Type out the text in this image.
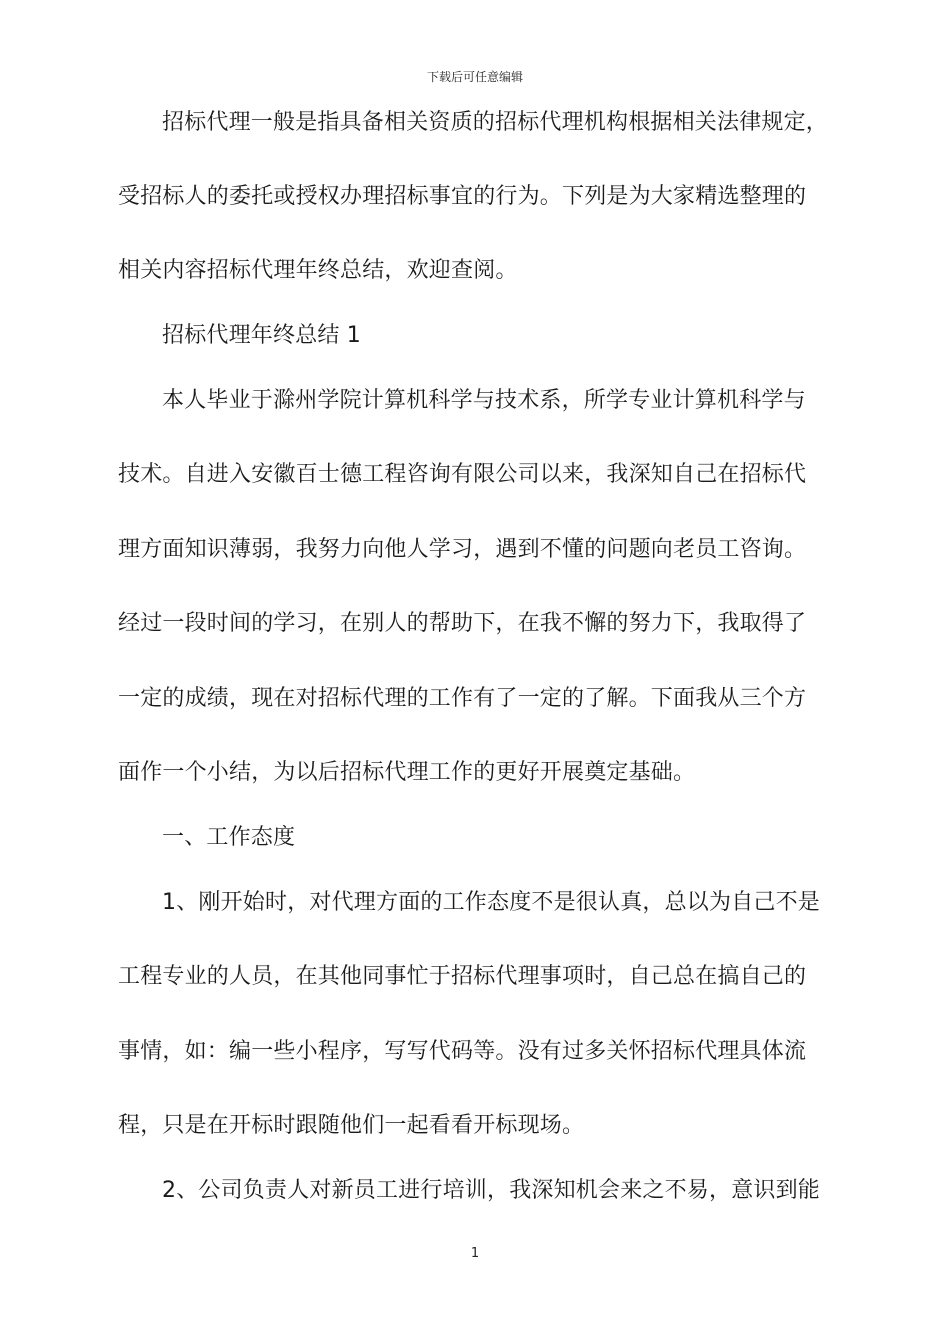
下载后可任意编辑
招标代理一般是指具备相关资质的招标代理机构根据相关法律规定，
受招标人的委托或授权办理招标事宜的行为。下列是为大家精选整理的
相关内容招标代理年终总结，欢迎查阅。
招标代理年终总结 1
本人毕业于滁州学院计算机科学与技术系，所学专业计算机科学与
技术。自进入安徽百士德工程咨询有限公司以来，我深知自己在招标代
理方面知识薄弱，我努力向他人学习，遇到不懂的问题向老员工咨询。
经过一段时间的学习，在别人的帮助下，在我不懈的努力下，我取得了
一定的成绩，现在对招标代理的工作有了一定的了解。下面我从三个方
面作一个小结，为以后招标代理工作的更好开展奠定基础。
一、工作态度
1、刚开始时，对代理方面的工作态度不是很认真，总以为自己不是
工程专业的人员，在其他同事忙于招标代理事项时，自己总在搞自己的
事情，如：编一些小程序，写写代码等。没有过多关怀招标代理具体流
程，只是在开标时跟随他们一起看看开标现场。
2、公司负责人对新员工进行培训，我深知机会来之不易，意识到能
1
